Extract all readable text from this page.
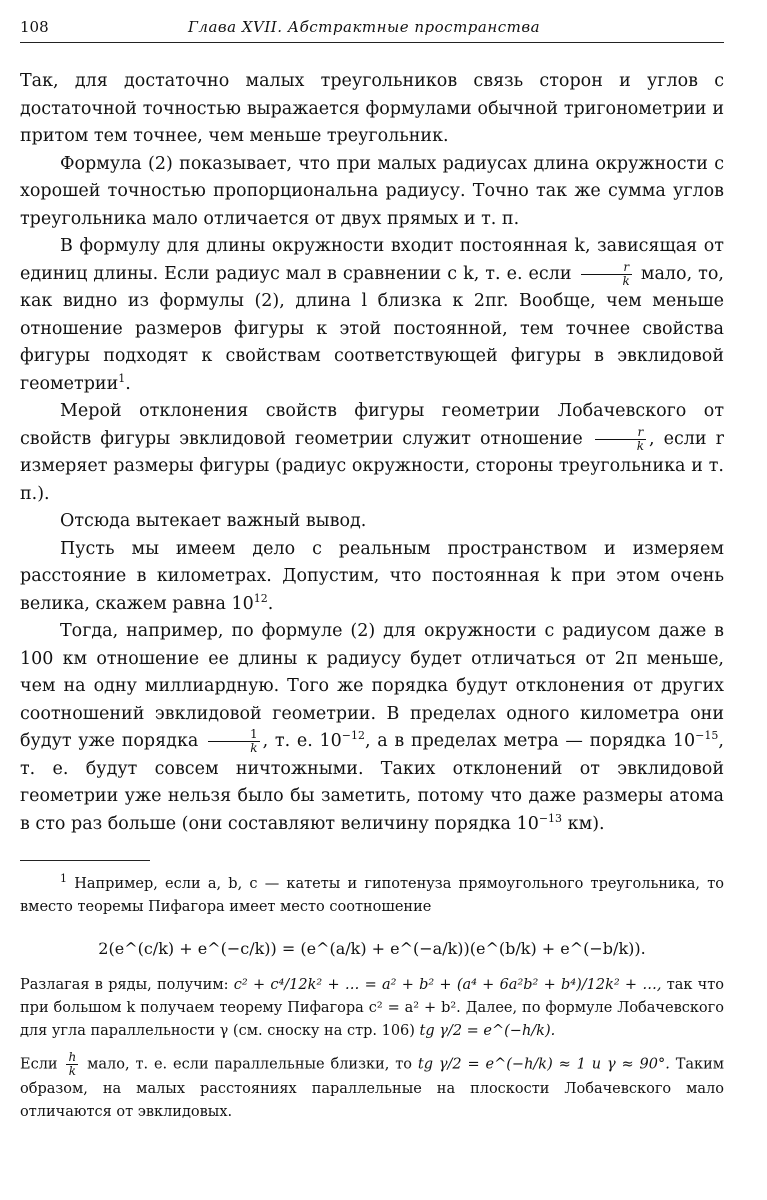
108	Глава XVII. Абстрактные пространства

Так, для достаточно малых треугольников связь сторон и углов с достаточной точностью выражается формулами обычной тригонометрии и притом тем точнее, чем меньше треугольник.

Формула (2) показывает, что при малых радиусах длина окружности с хорошей точностью пропорциональна радиусу. Точно так же сумма углов треугольника мало отличается от двух прямых и т. п.

В формулу для длины окружности входит постоянная k, зависящая от единиц длины. Если радиус мал в сравнении с k, т. е. если $\frac{r}{k}$ мало, то, как видно из формулы (2), длина l близка к 2πr. Вообще, чем меньше отношение размеров фигуры к этой постоянной, тем точнее свойства фигуры подходят к свойствам соответствующей фигуры в эвклидовой геометрии$^1$.

Мерой отклонения свойств фигуры геометрии Лобачевского от свойств фигуры эвклидовой геометрии служит отношение $\frac{r}{k}$ , если r измеряет размеры фигуры (радиус окружности, стороны треугольника и т. п.).

Отсюда вытекает важный вывод.

Пусть мы имеем дело с реальным пространством и измеряем расстояние в километрах. Допустим, что постоянная k при этом очень велика, скажем равна $10^{12}$.

Тогда, например, по формуле (2) для окружности с радиусом даже в 100 км отношение ее длины к радиусу будет отличаться от 2π меньше, чем на одну миллиардную. Того же порядка будут отклонения от других соотношений эвклидовой геометрии. В пределах одного километра они будут уже порядка $\frac{1}{k}$ , т. е. $10^{-12}$, а в пределах метра — порядка $10^{-15}$, т. е. будут совсем ничтожными. Таких отклонений от эвклидовой геометрии уже нельзя было бы заметить, потому что даже размеры атома в сто раз больше (они составляют величину порядка $10^{-13}$ км).

$^1$ Например, если a, b, c — катеты и гипотенуза прямоугольного треугольника, то вместо теоремы Пифагора имеет место соотношение

2(e^(c/k) + e^(−c/k)) = (e^(a/k) + e^(−a/k))(e^(b/k) + e^(−b/k)).

Разлагая в ряды, получим: c² + c⁴/12k² + … = a² + b² + (a⁴ + 6a²b² + b⁴)/12k² + …, так что при большом k получаем теорему Пифагора c² = a² + b². Далее, по формуле Лобачевского для угла параллельности γ (см. сноску на стр. 106) tg γ/2 = e^(−h/k).

Если $\frac{h}{k}$ мало, т. е. если параллельные близки, то tg γ/2 = e^(−h/k) ≈ 1 и γ ≈ 90°. Таким образом, на малых расстояниях параллельные на плоскости Лобачевского мало отличаются от эвклидовых.
